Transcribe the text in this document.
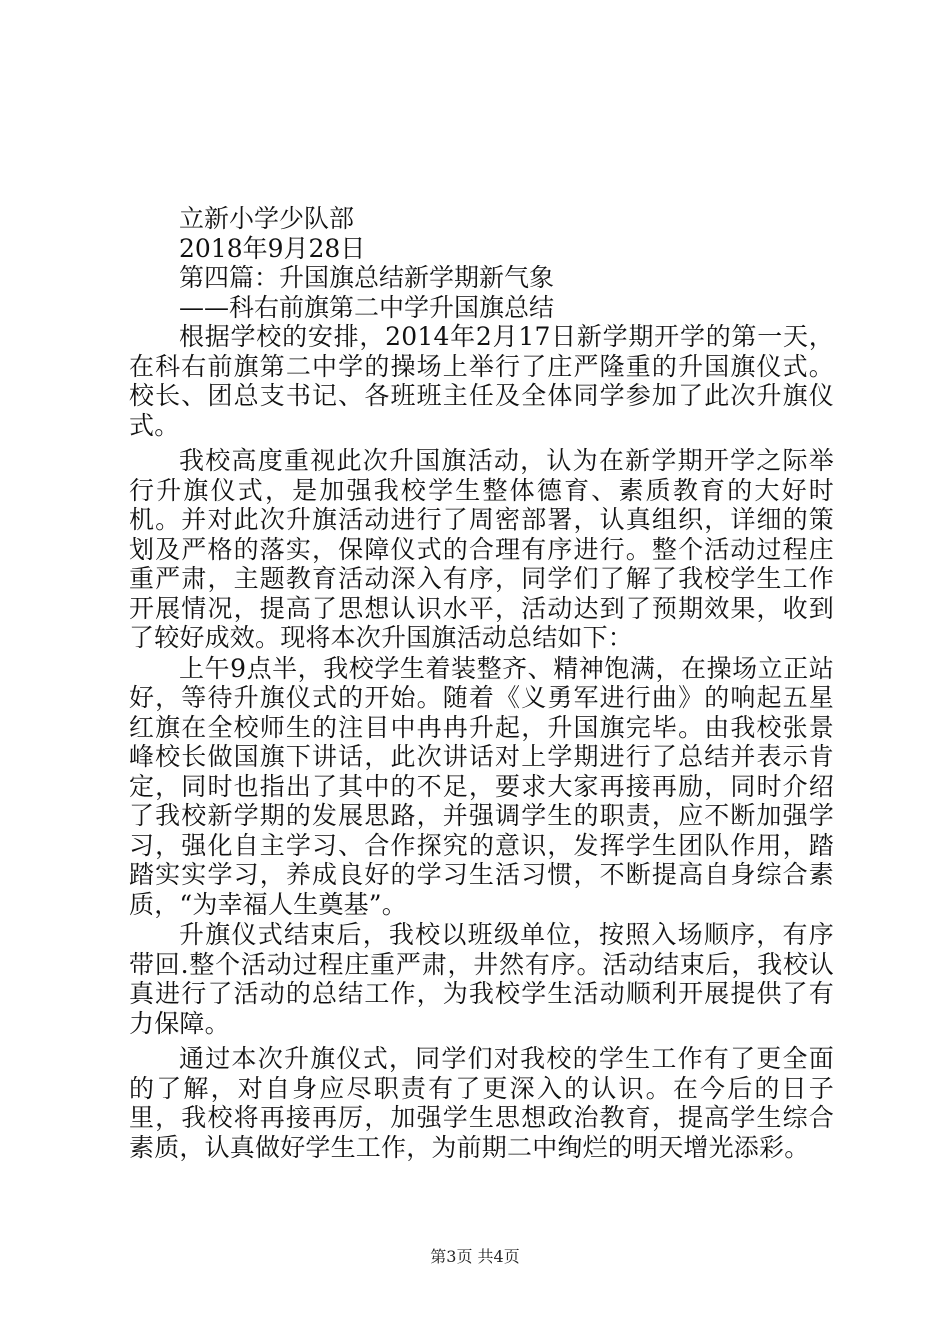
立新小学少队部
2018年9月28日
第四篇：升国旗总结新学期新气象
——科右前旗第二中学升国旗总结

根据学校的安排，2014年2月17日新学期开学的第一天，在科右前旗第二中学的操场上举行了庄严隆重的升国旗仪式。校长、团总支书记、各班班主任及全体同学参加了此次升旗仪式。

我校高度重视此次升国旗活动，认为在新学期开学之际举行升旗仪式，是加强我校学生整体德育、素质教育的大好时机。并对此次升旗活动进行了周密部署，认真组织，详细的策划及严格的落实，保障仪式的合理有序进行。整个活动过程庄重严肃，主题教育活动深入有序，同学们了解了我校学生工作开展情况，提高了思想认识水平，活动达到了预期效果，收到了较好成效。现将本次升国旗活动总结如下：

上午9点半，我校学生着装整齐、精神饱满，在操场立正站好，等待升旗仪式的开始。随着《义勇军进行曲》的响起五星红旗在全校师生的注目中冉冉升起，升国旗完毕。由我校张景峰校长做国旗下讲话，此次讲话对上学期进行了总结并表示肯定，同时也指出了其中的不足，要求大家再接再励，同时介绍了我校新学期的发展思路，并强调学生的职责，应不断加强学习，强化自主学习、合作探究的意识，发挥学生团队作用，踏踏实实学习，养成良好的学习生活习惯，不断提高自身综合素质，“为幸福人生奠基”。

升旗仪式结束后，我校以班级单位，按照入场顺序，有序带回.整个活动过程庄重严肃，井然有序。活动结束后，我校认真进行了活动的总结工作，为我校学生活动顺利开展提供了有力保障。

通过本次升旗仪式，同学们对我校的学生工作有了更全面的了解，对自身应尽职责有了更深入的认识。在今后的日子里，我校将再接再厉，加强学生思想政治教育，提高学生综合素质，认真做好学生工作，为前期二中绚烂的明天增光添彩。

第3页 共4页
